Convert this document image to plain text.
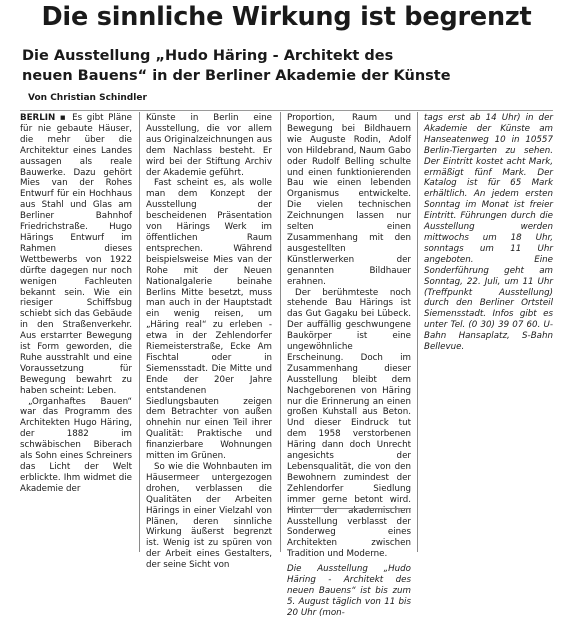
Die sinnliche Wirkung ist begrenzt

Die Ausstellung „Hudo Häring - Architekt des

neuen Bauens“ in der Berliner Akademie der Künste

Von Christian Schindler

BERLIN ▪ Es gibt Pläne für nie gebaute Häuser, die mehr über die Architektur eines Landes aussagen als reale Bauwerke. Dazu gehört Mies van der Rohes Entwurf für ein Hochhaus aus Stahl und Glas am Berliner Bahnhof Friedrichstraße. Hugo Härings Entwurf im Rahmen dieses Wettbewerbs von 1922 dürfte dagegen nur noch wenigen Fachleuten bekannt sein. Wie ein riesiger Schiffsbug schiebt sich das Gebäude in den Straßenverkehr. Aus erstarrter Bewegung ist Form geworden, die Ruhe ausstrahlt und eine Voraussetzung für Bewegung bewahrt zu haben scheint: Leben.

„Organhaftes Bauen“ war das Programm des Architekten Hugo Häring, der 1882 im schwäbischen Biberach als Sohn eines Schreiners das Licht der Welt erblickte. Ihm widmet die Akademie der

Künste in Berlin eine Ausstellung, die vor allem aus Originalzeichnungen aus dem Nachlass besteht. Er wird bei der Stiftung Archiv der Akademie geführt.

Fast scheint es, als wolle man dem Konzept der Ausstellung der bescheidenen Präsentation von Härings Werk im öffentlichen Raum entsprechen. Während beispielsweise Mies van der Rohe mit der Neuen Nationalgalerie beinahe Berlins Mitte besetzt, muss man auch in der Hauptstadt ein wenig reisen, um „Häring real“ zu erleben - etwa in der Zehlendorfer Riemeisterstraße, Ecke Am Fischtal oder in Siemensstadt. Die Mitte und Ende der 20er Jahre entstandenen Siedlungsbauten zeigen dem Betrachter von außen ohnehin nur einen Teil ihrer Qualität: Praktische und finanzierbare Wohnungen mitten im Grünen.

So wie die Wohnbauten im Häusermeer untergezogen drohen, verblassen die Qualitäten der Arbeiten Härings in einer Vielzahl von Plänen, deren sinnliche Wirkung äußerst begrenzt ist. Wenig ist zu spüren von der Arbeit eines Gestalters, der seine Sicht von

Proportion, Raum und Bewegung bei Bildhauern wie Auguste Rodin, Adolf von Hildebrand, Naum Gabo oder Rudolf Belling schulte und einen funktionierenden Bau wie einen lebenden Organismus entwickelte. Die vielen technischen Zeichnungen lassen nur selten einen Zusammenhang mit den ausgestellten Künstlerwerken der genannten Bildhauer erahnen.

Der berühmteste noch stehende Bau Härings ist das Gut Gagaku bei Lübeck. Der auffällig geschwungene Baukörper ist eine ungewöhnliche Erscheinung. Doch im Zusammenhang dieser Ausstellung bleibt dem Nachgeborenen von Häring nur die Erinnerung an einen großen Kuhstall aus Beton. Und dieser Eindruck tut dem 1958 verstorbenen Häring dann doch Unrecht angesichts der Lebensqualität, die von den Bewohnern zumindest der Zehlendorfer Siedlung immer gerne betont wird. Hinter der akademischen Ausstellung verblasst der Sonderweg eines Architekten zwischen Tradition und Moderne.

Die Ausstellung „Hudo Häring - Architekt des neuen Bauens“ ist bis zum 5. August täglich von 11 bis 20 Uhr (mon-

tags erst ab 14 Uhr) in der Akademie der Künste am Hanseatenweg 10 in 10557 Berlin-Tiergarten zu sehen. Der Eintritt kostet acht Mark, ermäßigt fünf Mark. Der Katalog ist für 65 Mark erhältlich. An jedem ersten Sonntag im Monat ist freier Eintritt. Führungen durch die Ausstellung werden mittwochs um 18 Uhr, sonntags um 11 Uhr angeboten. Eine Sonderführung geht am Sonntag, 22. Juli, um 11 Uhr (Treffpunkt Ausstellung) durch den Berliner Ortsteil Siemensstadt. Infos gibt es unter Tel. (0 30) 39 07 60. U-Bahn Hansaplatz, S-Bahn Bellevue.
